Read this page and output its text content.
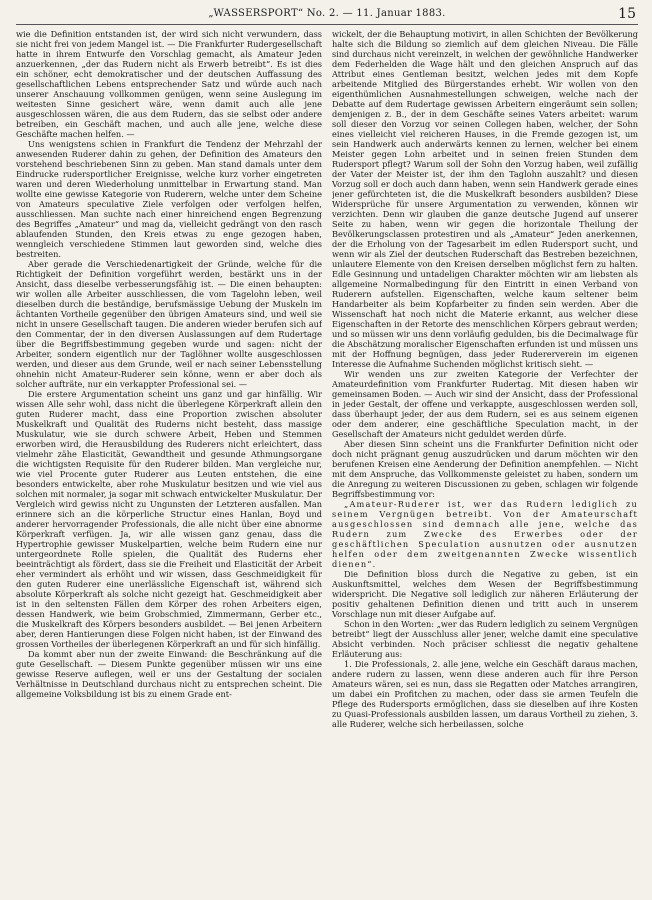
„WASSERSPORT“ No. 2. — 11. Januar 1883.	15

wie die Definition entstanden ist, der wird sich nicht verwundern, dass sie nicht frei von jedem Mangel ist. — Die Frankfurter Rudergesellschaft hatte in ihrem Entwurfe den Vorschlag gemacht, als Amateur Jeden anzuerkennen, „der das Rudern nicht als Erwerb betreibt“. Es ist dies ein schöner, echt demokratischer und der deutschen Auffassung des gesellschaftlichen Lebens entsprechender Satz und würde auch nach unserer Anschauung vollkommen genügen, wenn seine Auslegung im weitesten Sinne gesichert wäre, wenn damit auch alle jene ausgeschlossen wären, die aus dem Rudern, das sie selbst oder andere betreiben, ein Geschäft machen, und auch alle jene, welche diese Geschäfte machen helfen. —

Uns wenigstens schien in Frankfurt die Tendenz der Mehrzahl der anwesenden Ruderer dahin zu gehen, der Definition des Amateurs den vorstehend beschriebenen Sinn zu geben. Man stand damals unter dem Eindrucke rudersportlicher Ereignisse, welche kurz vorher eingetreten waren und deren Wiederholung unmittelbar in Erwartung stand. Man wollte eine gewisse Kategorie von Ruderern, welche unter dem Scheine von Amateurs speculative Ziele verfolgen oder verfolgen helfen, ausschliessen. Man suchte nach einer hinreichend engen Begrenzung des Begriffes „Amateur“ und mag da, vielleicht gedrängt von den rasch ablaufenden Stunden, den Kreis etwas zu enge gezogen haben, wenngleich verschiedene Stimmen laut geworden sind, welche dies bestreiten.

Aber gerade die Verschiedenartigkeit der Gründe, welche für die Richtigkeit der Definition vorgeführt werden, bestärkt uns in der Ansicht, dass dieselbe verbesserungsfähig ist. — Die einen behaupten: wir wollen alle Arbeiter ausschliessen, die vom Tagelohn leben, weil dieselben durch die beständige, berufsmässige Uebung der Muskeln im ächtanten Vortheile gegenüber den übrigen Amateurs sind, und weil sie nicht in unsere Gesellschaft taugen. Die anderen wieder berufen sich auf den Commentar, der in den diversen Auslassungen auf dem Rudertage über die Begriffsbestimmung gegeben wurde und sagen: nicht der Arbeiter, sondern eigentlich nur der Taglöhner wollte ausgeschlossen werden, und dieser aus dem Grunde, weil er nach seiner Lebensstellung ohnehin nicht Amateur-Ruderer sein könne, wenn er aber doch als solcher aufträte, nur ein verkappter Professional sei. —

Die erstere Argumentation scheint uns ganz und gar hinfällig. Wir wissen Alle sehr wohl, dass nicht die überlegene Körperkraft allein den guten Ruderer macht, dass eine Proportion zwischen absoluter Muskelkraft und Qualität des Ruderns nicht besteht, dass massige Muskulatur, wie sie durch schwere Arbeit, Heben und Stemmen erworben wird, die Herausbildung des Ruderers nicht erleichtert, dass vielmehr zähe Elasticität, Gewandtheit und gesunde Athmungsorgane die wichtigsten Requisite für den Ruderer bilden. Man vergleiche nur, wie viel Procente guter Ruderer aus Leuten entstehen, die eine besonders entwickelte, aber rohe Muskulatur besitzen und wie viel aus solchen mit normaler, ja sogar mit schwach entwickelter Muskulatur. Der Vergleich wird gewiss nicht zu Ungunsten der Letzteren ausfallen. Man erinnere sich an die körperliche Structur eines Hanlan, Boyd und anderer hervorragender Professionals, die alle nicht über eine abnorme Körperkraft verfügen. Ja, wir alle wissen ganz genau, dass die Hypertrophie gewisser Muskelpartien, welche beim Rudern eine nur untergeordnete Rolle spielen, die Qualität des Ruderns eher beeinträchtigt als fördert, dass sie die Freiheit und Elasticität der Arbeit eher vermindert als erhöht und wir wissen, dass Geschmeidigkeit für den guten Ruderer eine unerlässliche Eigenschaft ist, während sich absolute Körperkraft als solche nicht gezeigt hat. Geschmeidigkeit aber ist in den seltensten Fällen dem Körper des rohen Arbeiters eigen, dessen Handwerk, wie beim Grobschmied, Zimmermann, Gerber etc., die Muskelkraft des Körpers besonders ausbildet. — Bei jenen Arbeitern aber, deren Hantierungen diese Folgen nicht haben, ist der Einwand des grossen Vortheiles der überlegenen Körperkraft an und für sich hinfällig.

Da kommt aber nun der zweite Einwand: die Beschränkung auf die gute Gesellschaft. — Diesem Punkte gegenüber müssen wir uns eine gewisse Reserve auflegen, weil er uns der Gestaltung der socialen Verhältnisse in Deutschland durchaus nicht zu entsprechen scheint. Die allgemeine Volksbildung ist bis zu einem Grade ent-

wickelt, der die Behauptung motivirt, in allen Schichten der Bevölkerung halte sich die Bildung so ziemlich auf dem gleichen Niveau. Die Fälle sind durchaus nicht vereinzelt, in welchen der gewöhnliche Handwerker dem Federhelden die Wage hält und den gleichen Anspruch auf das Attribut eines Gentleman besitzt, welchen jedes mit dem Kopfe arbeitende Mitglied des Bürgerstandes erhebt. Wir wollen von den eigenthümlichen Ausnahmestellungen schweigen, welche nach der Debatte auf dem Rudertage gewissen Arbeitern eingeräumt sein sollen; demjenigen z. B., der in dem Geschäfte seines Vaters arbeitet: warum soll dieser den Vorzug vor seinen Collegen haben, welcher, der Sohn eines vielleicht viel reicheren Hauses, in die Fremde gezogen ist, um sein Handwerk auch anderwärts kennen zu lernen, welcher bei einem Meister gegen Lohn arbeitet und in seinen freien Stunden dem Rudersport pflegt? Warum soll der Sohn den Vorzug haben, weil zufällig der Vater der Meister ist, der ihm den Taglohn auszahlt? und diesen Vorzug soll er doch auch dann haben, wenn sein Handwerk gerade eines jener gefürchteten ist, die die Muskelkraft besonders ausbilden? Diese Widersprüche für unsere Argumentation zu verwenden, können wir verzichten. Denn wir glauben die ganze deutsche Jugend auf unserer Seite zu haben, wenn wir gegen die horizontale Theilung der Bevölkerungsclassen protestiren und als „Amateur“ Jeden anerkennen, der die Erholung von der Tagesarbeit im edlen Rudersport sucht, und wenn wir als Ziel der deutschen Ruderschaft das Bestreben bezeichnen, unlautere Elemente von den Kreisen derselben möglichst fern zu halten. Edle Gesinnung und untadeligen Charakter möchten wir am liebsten als allgemeine Normalbedingung für den Eintritt in einen Verband von Ruderern aufstellen. Eigenschaften, welche kaum seltener beim Handarbeiter als beim Kopfarbeiter zu finden sein werden. Aber die Wissenschaft hat noch nicht die Materie erkannt, aus welcher diese Eigenschaften in der Retorte des menschlichen Körpers gebraut werden; und so müssen wir uns denn vorläufig gedulden, bis die Decimalwage für die Abschätzung moralischer Eigenschaften erfunden ist und müssen uns mit der Hoffnung begnügen, dass jeder Rudererverein im eigenen Interesse die Aufnahme Suchenden möglichst kritisch sieht. —

Wir wenden uns zur zweiten Kategorie der Verfechter der Amateurdefinition vom Frankfurter Rudertag. Mit diesen haben wir gemeinsamen Boden. — Auch wir sind der Ansicht, dass der Professional in jeder Gestalt, der offene und verkappte, ausgeschlossen werden soll, dass überhaupt jeder, der aus dem Rudern, sei es aus seinem eigenen oder dem anderer, eine geschäftliche Speculation macht, in der Gesellschaft der Amateurs nicht geduldet werden dürfe.

Aber diesen Sinn scheint uns die Frankfurter Definition nicht oder doch nicht prägnant genug auszudrücken und darum möchten wir den berufenen Kreisen eine Aenderung der Definition anempfehlen. — Nicht mit dem Anspruche, das Vollkommenste geleistet zu haben, sondern um die Anregung zu weiteren Discussionen zu geben, schlagen wir folgende Begriffsbestimmung vor:

„Amateur-Ruderer ist, wer das Rudern lediglich zu seinem Vergnügen betreibt. Von der Amateurschaft ausgeschlossen sind demnach alle jene, welche das Rudern zum Zwecke des Erwerbes oder der geschäftlichen Speculation ausnutzen oder ausnutzen helfen oder dem zweitgenannten Zwecke wissentlich dienen“.

Die Definition bloss durch die Negative zu geben, ist ein Auskunftsmittel, welches dem Wesen der Begriffsbestimmung widerspricht. Die Negative soll lediglich zur näheren Erläuterung der positiv gehaltenen Definition dienen und tritt auch in unserem Vorschlage nun mit dieser Aufgabe auf.

Schon in den Worten: „wer das Rudern lediglich zu seinem Vergnügen betreibt“ liegt der Ausschluss aller jener, welche damit eine speculative Absicht verbinden. Noch präciser schliesst die negativ gehaltene Erläuterung aus:

1. Die Professionals, 2. alle jene, welche ein Geschäft daraus machen, andere rudern zu lassen, wenn diese anderen auch für ihre Person Amateurs wären, sei es nun, dass sie Regatten oder Matches arrangiren, um dabei ein Profitchen zu machen, oder dass sie armen Teufeln die Pflege des Rudersports ermöglichen, dass sie dieselben auf ihre Kosten zu Quasi-Professionals ausbilden lassen, um daraus Vortheil zu ziehen, 3. alle Ruderer, welche sich herbeilassen, solche
